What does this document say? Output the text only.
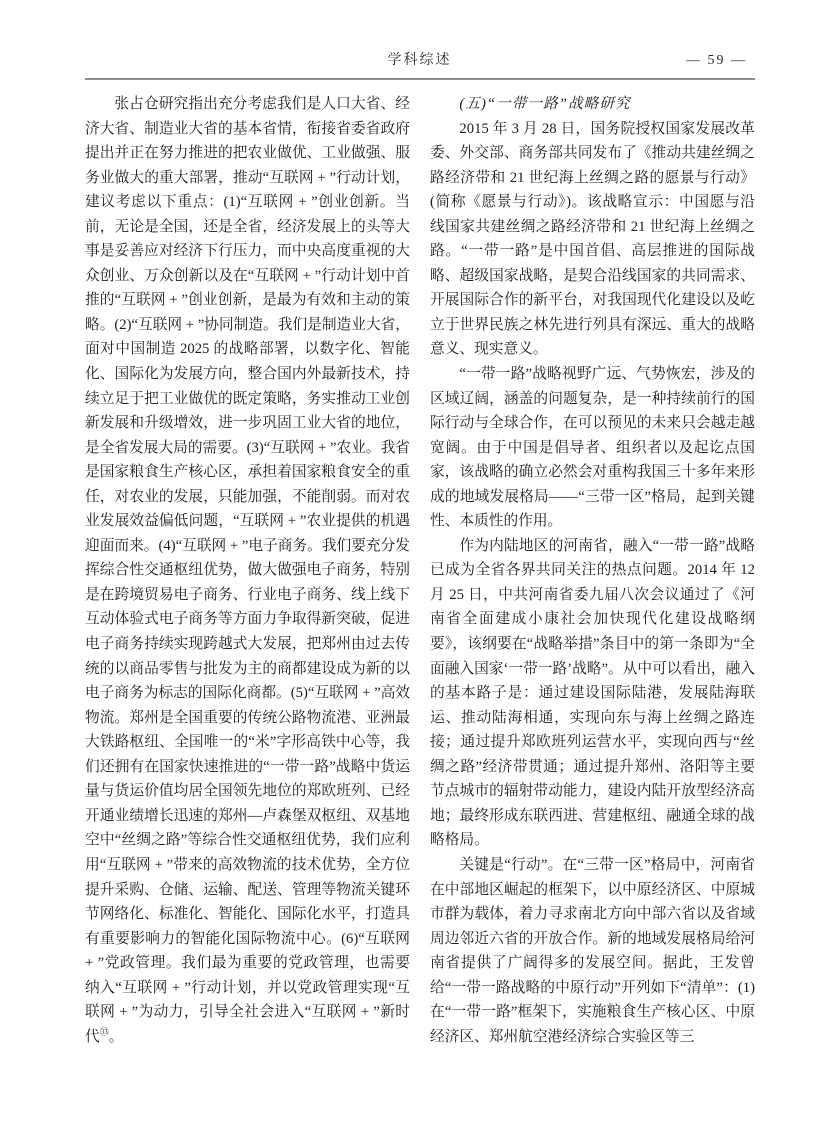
学科综述	— 59 —

张占仓研究指出充分考虑我们是人口大省、经济大省、制造业大省的基本省情，衔接省委省政府提出并正在努力推进的把农业做优、工业做强、服务业做大的重大部署，推动“互联网 + ”行动计划，建议考虑以下重点：(1)“互联网 + ”创业创新。当前，无论是全国，还是全省，经济发展上的头等大事是妥善应对经济下行压力，而中央高度重视的大众创业、万众创新以及在“互联网 + ”行动计划中首推的“互联网 + ”创业创新，是最为有效和主动的策略。(2)“互联网 + ”协同制造。我们是制造业大省，面对中国制造 2025 的战略部署，以数字化、智能化、国际化为发展方向，整合国内外最新技术，持续立足于把工业做优的既定策略，务实推动工业创新发展和升级增效，进一步巩固工业大省的地位，是全省发展大局的需要。(3)“互联网 + ”农业。我省是国家粮食生产核心区，承担着国家粮食安全的重任，对农业的发展，只能加强，不能削弱。而对农业发展效益偏低问题，“互联网 + ”农业提供的机遇迎面而来。(4)“互联网 + ”电子商务。我们要充分发挥综合性交通枢纽优势，做大做强电子商务，特别是在跨境贸易电子商务、行业电子商务、线上线下互动体验式电子商务等方面力争取得新突破，促进电子商务持续实现跨越式大发展，把郑州由过去传统的以商品零售与批发为主的商都建设成为新的以电子商务为标志的国际化商都。(5)“互联网 + ”高效物流。郑州是全国重要的传统公路物流港、亚洲最大铁路枢纽、全国唯一的“米”字形高铁中心等，我们还拥有在国家快速推进的“一带一路”战略中货运量与货运价值均居全国领先地位的郑欧班列、已经开通业绩增长迅速的郑州—卢森堡双枢纽、双基地空中“丝绸之路”等综合性交通枢纽优势，我们应利用“互联网 + ”带来的高效物流的技术优势，全方位提升采购、仓储、运输、配送、管理等物流关键环节网络化、标准化、智能化、国际化水平，打造具有重要影响力的智能化国际物流中心。(6)“互联网 + ”党政管理。我们最为重要的党政管理，也需要纳入“互联网 + ”行动计划，并以党政管理实现“互联网 + ”为动力，引导全社会进入“互联网 + ”新时代$^㉝$。

(五)“一带一路”战略研究

2015 年 3 月 28 日，国务院授权国家发展改革委、外交部、商务部共同发布了《推动共建丝绸之路经济带和 21 世纪海上丝绸之路的愿景与行动》(简称《愿景与行动》)。该战略宣示：中国愿与沿线国家共建丝绸之路经济带和 21 世纪海上丝绸之路。“一带一路”是中国首倡、高层推进的国际战略、超级国家战略，是契合沿线国家的共同需求、开展国际合作的新平台，对我国现代化建设以及屹立于世界民族之林先进行列具有深远、重大的战略意义、现实意义。

“一带一路”战略视野广远、气势恢宏，涉及的区域辽阔，涵盖的问题复杂，是一种持续前行的国际行动与全球合作，在可以预见的未来只会越走越宽阔。由于中国是倡导者、组织者以及起讫点国家，该战略的确立必然会对重构我国三十多年来形成的地域发展格局——“三带一区”格局，起到关键性、本质性的作用。

作为内陆地区的河南省，融入“一带一路”战略已成为全省各界共同关注的热点问题。2014 年 12 月 25 日，中共河南省委九届八次会议通过了《河南省全面建成小康社会加快现代化建设战略纲要》，该纲要在“战略举措”条目中的第一条即为“全面融入国家‘一带一路’战略”。从中可以看出，融入的基本路子是：通过建设国际陆港，发展陆海联运、推动陆海相通，实现向东与海上丝绸之路连接；通过提升郑欧班列运营水平，实现向西与“丝绸之路”经济带贯通；通过提升郑州、洛阳等主要节点城市的辐射带动能力，建设内陆开放型经济高地；最终形成东联西进、营建枢纽、融通全球的战略格局。

关键是“行动”。在“三带一区”格局中，河南省在中部地区崛起的框架下，以中原经济区、中原城市群为载体，着力寻求南北方向中部六省以及省域周边邻近六省的开放合作。新的地域发展格局给河南省提供了广阔得多的发展空间。据此，王发曾给“一带一路战略的中原行动”开列如下“清单”：(1)在“一带一路”框架下，实施粮食生产核心区、中原经济区、郑州航空港经济综合实验区等三
